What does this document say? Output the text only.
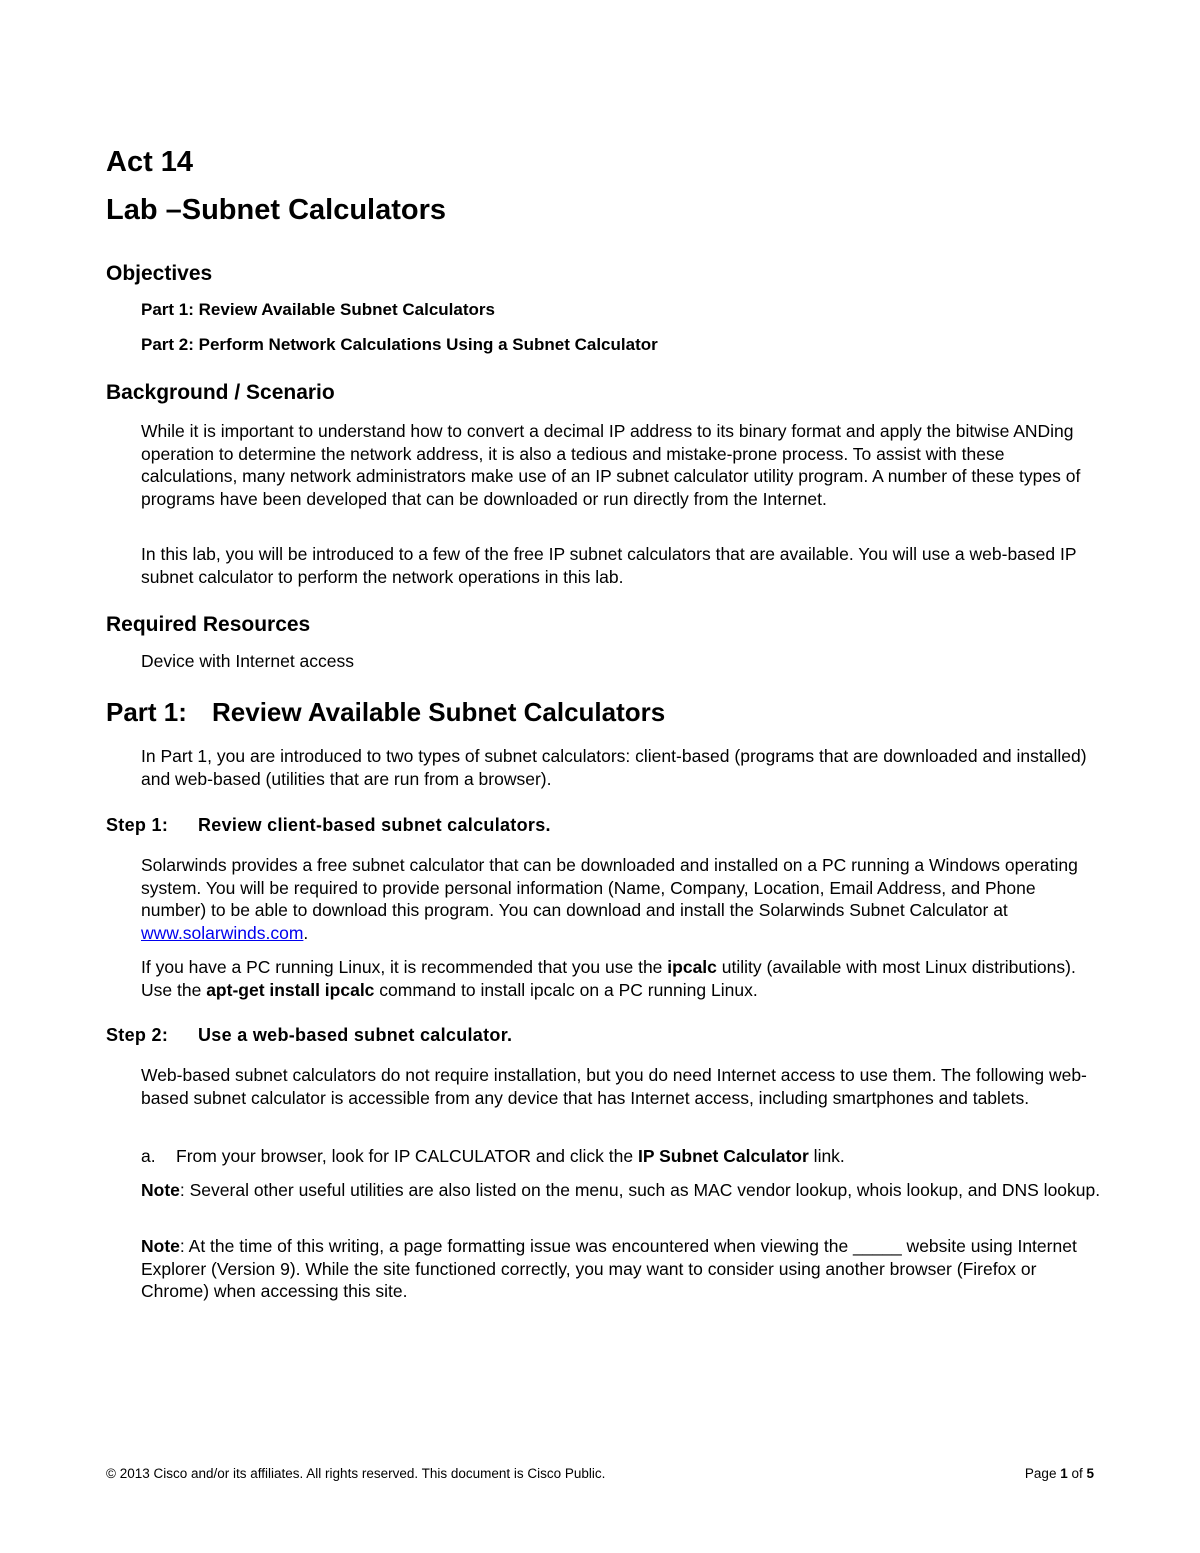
Act 14
Lab –Subnet Calculators
Objectives

Part 1: Review Available Subnet Calculators

Part 2: Perform Network Calculations Using a Subnet Calculator

Background / Scenario

While it is important to understand how to convert a decimal IP address to its binary format and apply the bitwise ANDing operation to determine the network address, it is also a tedious and mistake-prone process. To assist with these calculations, many network administrators make use of an IP subnet calculator utility program. A number of these types of programs have been developed that can be downloaded or run directly from the Internet.

In this lab, you will be introduced to a few of the free IP subnet calculators that are available. You will use a web-based IP subnet calculator to perform the network operations in this lab.

Required Resources

Device with Internet access

Part 1: Review Available Subnet Calculators

In Part 1, you are introduced to two types of subnet calculators: client-based (programs that are downloaded and installed) and web-based (utilities that are run from a browser).

Step 1: Review client-based subnet calculators.

Solarwinds provides a free subnet calculator that can be downloaded and installed on a PC running a Windows operating system. You will be required to provide personal information (Name, Company, Location, Email Address, and Phone number) to be able to download this program. You can download and install the Solarwinds Subnet Calculator at www.solarwinds.com.

If you have a PC running Linux, it is recommended that you use the ipcalc utility (available with most Linux distributions). Use the apt-get install ipcalc command to install ipcalc on a PC running Linux.

Step 2: Use a web-based subnet calculator.

Web-based subnet calculators do not require installation, but you do need Internet access to use them. The following web-based subnet calculator is accessible from any device that has Internet access, including smartphones and tablets.

a. From your browser, look for IP CALCULATOR and click the IP Subnet Calculator link.

Note: Several other useful utilities are also listed on the menu, such as MAC vendor lookup, whois lookup, and DNS lookup.

Note: At the time of this writing, a page formatting issue was encountered when viewing the _____ website using Internet Explorer (Version 9). While the site functioned correctly, you may want to consider using another browser (Firefox or Chrome) when accessing this site.

© 2013 Cisco and/or its affiliates. All rights reserved. This document is Cisco Public.	Page 1 of 5
